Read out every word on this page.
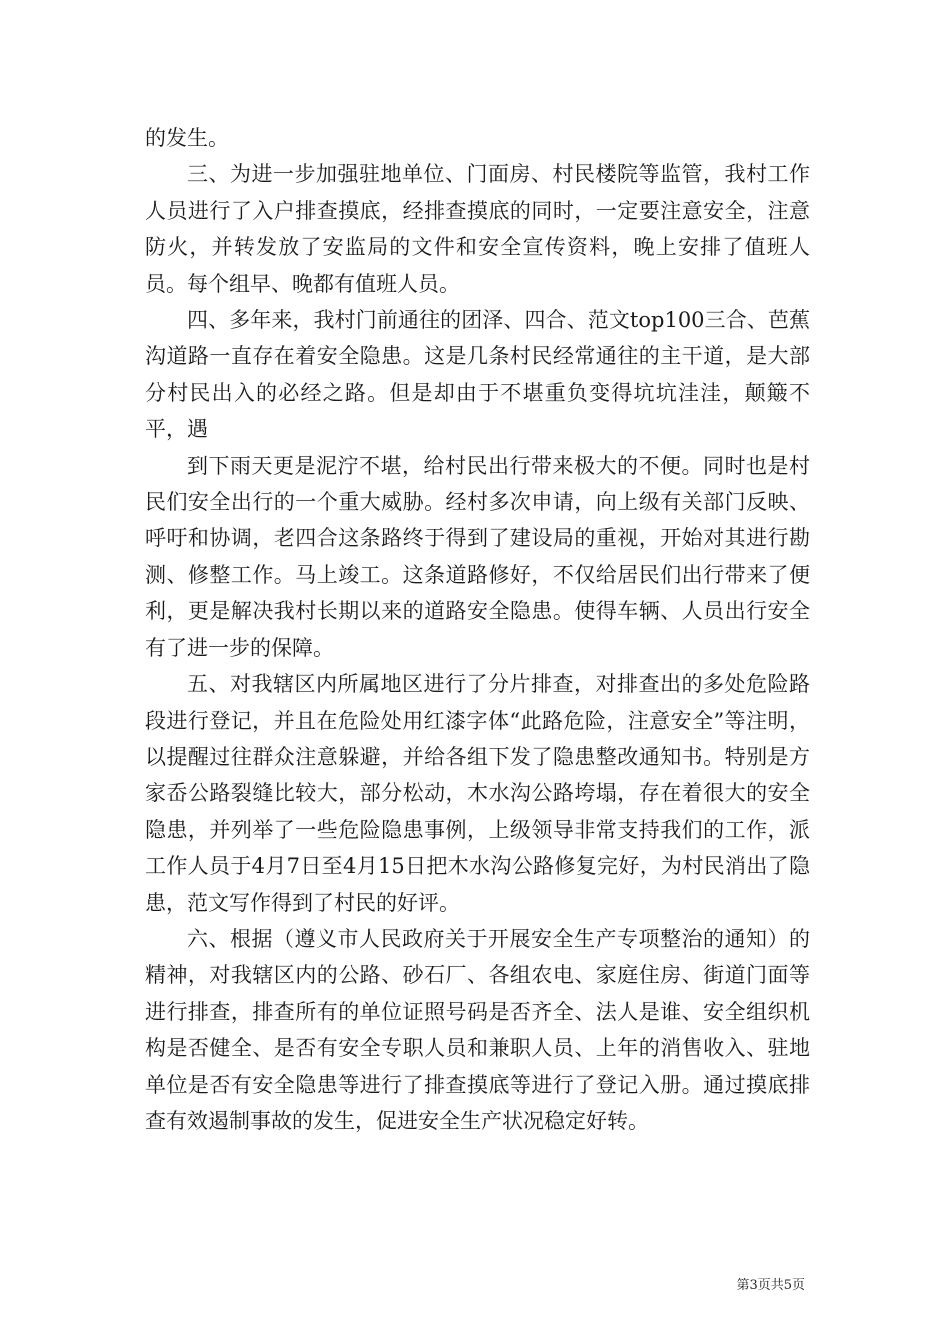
的发生。

三、为进一步加强驻地单位、门面房、村民楼院等监管，我村工作人员进行了入户排查摸底，经排查摸底的同时，一定要注意安全，注意防火，并转发放了安监局的文件和安全宣传资料，晚上安排了值班人员。每个组早、晚都有值班人员。

四、多年来，我村门前通往的团泽、四合、范文top100三合、芭蕉沟道路一直存在着安全隐患。这是几条村民经常通往的主干道，是大部分村民出入的必经之路。但是却由于不堪重负变得坑坑洼洼，颠簸不平，遇

到下雨天更是泥泞不堪，给村民出行带来极大的不便。同时也是村民们安全出行的一个重大威胁。经村多次申请，向上级有关部门反映、呼吁和协调，老四合这条路终于得到了建设局的重视，开始对其进行勘测、修整工作。马上竣工。这条道路修好，不仅给居民们出行带来了便利，更是解决我村长期以来的道路安全隐患。使得车辆、人员出行安全有了进一步的保障。

五、对我辖区内所属地区进行了分片排查，对排查出的多处危险路段进行登记，并且在危险处用红漆字体“此路危险，注意安全”等注明，以提醒过往群众注意躲避，并给各组下发了隐患整改通知书。特别是方家岙公路裂缝比较大，部分松动，木水沟公路垮塌，存在着很大的安全隐患，并列举了一些危险隐患事例，上级领导非常支持我们的工作，派工作人员于4月7日至4月15日把木水沟公路修复完好，为村民消出了隐患，范文写作得到了村民的好评。

六、根据（遵义市人民政府关于开展安全生产专项整治的通知）的精神，对我辖区内的公路、砂石厂、各组农电、家庭住房、街道门面等进行排查，排查所有的单位证照号码是否齐全、法人是谁、安全组织机构是否健全、是否有安全专职人员和兼职人员、上年的消售收入、驻地单位是否有安全隐患等进行了排查摸底等进行了登记入册。通过摸底排查有效遏制事故的发生，促进安全生产状况稳定好转。

第3页共5页
